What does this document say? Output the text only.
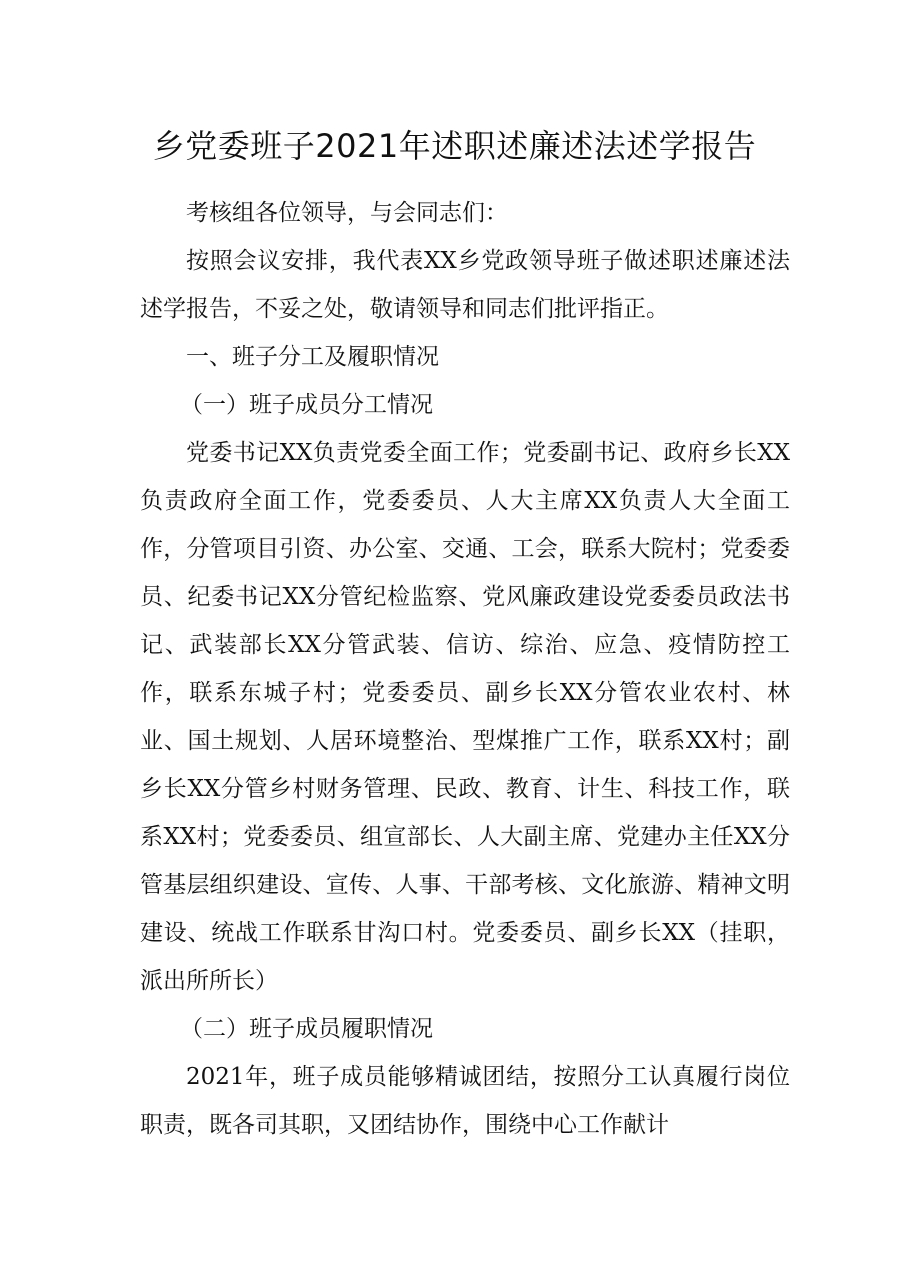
乡党委班子2021年述职述廉述法述学报告

考核组各位领导，与会同志们：

按照会议安排，我代表XX乡党政领导班子做述职述廉述法述学报告，不妥之处，敬请领导和同志们批评指正。

一、班子分工及履职情况

（一）班子成员分工情况

党委书记XX负责党委全面工作；党委副书记、政府乡长XX负责政府全面工作，党委委员、人大主席XX负责人大全面工作，分管项目引资、办公室、交通、工会，联系大院村；党委委员、纪委书记XX分管纪检监察、党风廉政建设党委委员政法书记、武装部长XX分管武装、信访、综治、应急、疫情防控工作，联系东城子村；党委委员、副乡长XX分管农业农村、林业、国土规划、人居环境整治、型煤推广工作，联系XX村；副乡长XX分管乡村财务管理、民政、教育、计生、科技工作，联系XX村；党委委员、组宣部长、人大副主席、党建办主任XX分管基层组织建设、宣传、人事、干部考核、文化旅游、精神文明建设、统战工作联系甘沟口村。党委委员、副乡长XX（挂职，派出所所长）

（二）班子成员履职情况

2021年，班子成员能够精诚团结，按照分工认真履行岗位职责，既各司其职，又团结协作，围绕中心工作献计
